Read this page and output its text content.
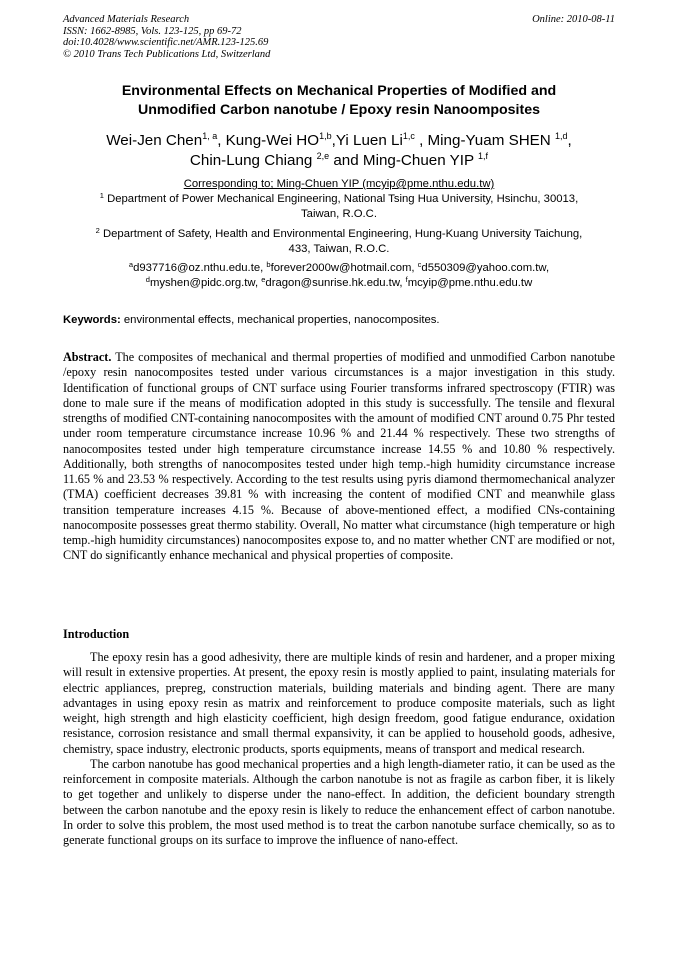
Advanced Materials Research
ISSN: 1662-8985, Vols. 123-125, pp 69-72
doi:10.4028/www.scientific.net/AMR.123-125.69
© 2010 Trans Tech Publications Ltd, Switzerland
Online: 2010-08-11
Environmental Effects on Mechanical Properties of Modified and
Unmodified Carbon nanotube / Epoxy resin Nanoomposites
Wei-Jen Chen$^{1, a}$, Kung-Wei HO$^{1,b}$,Yi Luen Li$^{1,c}$ , Ming-Yuam SHEN $^{1,d}$,
Chin-Lung Chiang $^{2,e}$ and Ming-Chuen YIP $^{1,f}$
Corresponding to; Ming-Chuen YIP (mcyip@pme.nthu.edu.tw)
$^1$ Department of Power Mechanical Engineering, National Tsing Hua University, Hsinchu, 30013,
Taiwan, R.O.C.
$^2$ Department of Safety, Health and Environmental Engineering, Hung-Kuang University Taichung,
433, Taiwan, R.O.C.
$^a$d937716@oz.nthu.edu.te, $^b$forever2000w@hotmail.com, $^c$d550309@yahoo.com.tw,
$^d$myshen@pidc.org.tw, $^e$dragon@sunrise.hk.edu.tw, $^f$mcyip@pme.nthu.edu.tw
Keywords: environmental effects, mechanical properties, nanocomposites.
Abstract. The composites of mechanical and thermal properties of modified and unmodified Carbon nanotube /epoxy resin nanocomposites tested under various circumstances is a major investigation in this study. Identification of functional groups of CNT surface using Fourier transforms infrared spectroscopy (FTIR) was done to male sure if the means of modification adopted in this study is successfully. The tensile and flexural strengths of modified CNT-containing nanocomposites with the amount of modified CNT around 0.75 Phr tested under room temperature circumstance increase 10.96 % and 21.44 % respectively. These two strengths of nanocomposites tested under high temperature circumstance increase 14.55 % and 10.80 % respectively. Additionally, both strengths of nanocomposites tested under high temp.-high humidity circumstance increase 11.65 % and 23.53 % respectively. According to the test results using pyris diamond thermomechanical analyzer (TMA) coefficient decreases 39.81 % with increasing the content of modified CNT and meanwhile glass transition temperature increases 4.15 %. Because of above-mentioned effect, a modified CNs-containing nanocomposite possesses great thermo stability. Overall, No matter what circumstance (high temperature or high temp.-high humidity circumstances) nanocomposites expose to, and no matter whether CNT are modified or not, CNT do significantly enhance mechanical and physical properties of composite.
Introduction

The epoxy resin has a good adhesivity, there are multiple kinds of resin and hardener, and a proper mixing will result in extensive properties. At present, the epoxy resin is mostly applied to paint, insulating materials for electric appliances, prepreg, construction materials, building materials and binding agent. There are many advantages in using epoxy resin as matrix and reinforcement to produce composite materials, such as light weight, high strength and high elasticity coefficient, high design freedom, good fatigue endurance, oxidation resistance, corrosion resistance and small thermal expansivity, it can be applied to household goods, adhesive, chemistry, space industry, electronic products, sports equipments, means of transport and medical research.

The carbon nanotube has good mechanical properties and a high length-diameter ratio, it can be used as the reinforcement in composite materials. Although the carbon nanotube is not as fragile as carbon fiber, it is likely to get together and unlikely to disperse under the nano-effect. In addition, the deficient boundary strength between the carbon nanotube and the epoxy resin is likely to reduce the enhancement effect of carbon nanotube. In order to solve this problem, the most used method is to treat the carbon nanotube surface chemically, so as to generate functional groups on its surface to improve the influence of nano-effect.
